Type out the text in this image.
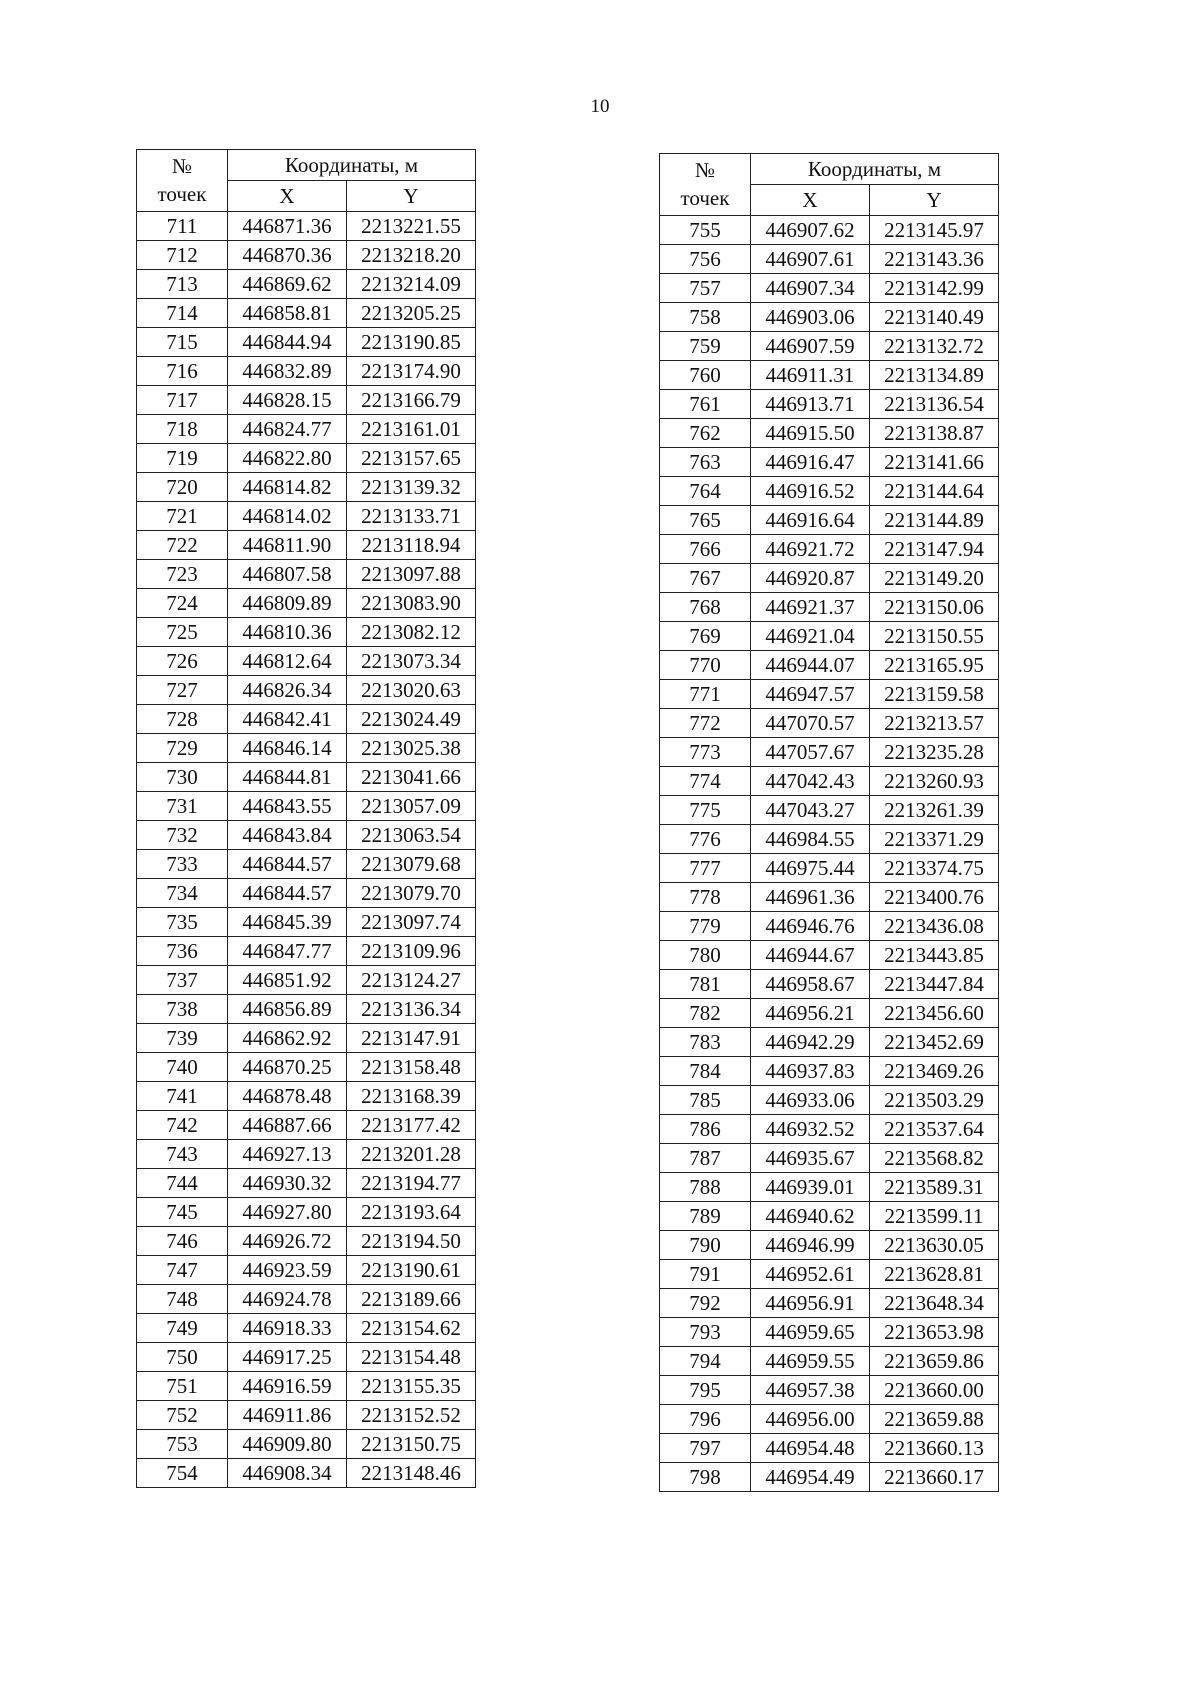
10
№
точек	Координаты, м	
	X	Y
711	446871.36	2213221.55
712	446870.36	2213218.20
713	446869.62	2213214.09
714	446858.81	2213205.25
715	446844.94	2213190.85
716	446832.89	2213174.90
717	446828.15	2213166.79
718	446824.77	2213161.01
719	446822.80	2213157.65
720	446814.82	2213139.32
721	446814.02	2213133.71
722	446811.90	2213118.94
723	446807.58	2213097.88
724	446809.89	2213083.90
725	446810.36	2213082.12
726	446812.64	2213073.34
727	446826.34	2213020.63
728	446842.41	2213024.49
729	446846.14	2213025.38
730	446844.81	2213041.66
731	446843.55	2213057.09
732	446843.84	2213063.54
733	446844.57	2213079.68
734	446844.57	2213079.70
735	446845.39	2213097.74
736	446847.77	2213109.96
737	446851.92	2213124.27
738	446856.89	2213136.34
739	446862.92	2213147.91
740	446870.25	2213158.48
741	446878.48	2213168.39
742	446887.66	2213177.42
743	446927.13	2213201.28
744	446930.32	2213194.77
745	446927.80	2213193.64
746	446926.72	2213194.50
747	446923.59	2213190.61
748	446924.78	2213189.66
749	446918.33	2213154.62
750	446917.25	2213154.48
751	446916.59	2213155.35
752	446911.86	2213152.52
753	446909.80	2213150.75
754	446908.34	2213148.46
№
точек	Координаты, м	
	X	Y
755	446907.62	2213145.97
756	446907.61	2213143.36
757	446907.34	2213142.99
758	446903.06	2213140.49
759	446907.59	2213132.72
760	446911.31	2213134.89
761	446913.71	2213136.54
762	446915.50	2213138.87
763	446916.47	2213141.66
764	446916.52	2213144.64
765	446916.64	2213144.89
766	446921.72	2213147.94
767	446920.87	2213149.20
768	446921.37	2213150.06
769	446921.04	2213150.55
770	446944.07	2213165.95
771	446947.57	2213159.58
772	447070.57	2213213.57
773	447057.67	2213235.28
774	447042.43	2213260.93
775	447043.27	2213261.39
776	446984.55	2213371.29
777	446975.44	2213374.75
778	446961.36	2213400.76
779	446946.76	2213436.08
780	446944.67	2213443.85
781	446958.67	2213447.84
782	446956.21	2213456.60
783	446942.29	2213452.69
784	446937.83	2213469.26
785	446933.06	2213503.29
786	446932.52	2213537.64
787	446935.67	2213568.82
788	446939.01	2213589.31
789	446940.62	2213599.11
790	446946.99	2213630.05
791	446952.61	2213628.81
792	446956.91	2213648.34
793	446959.65	2213653.98
794	446959.55	2213659.86
795	446957.38	2213660.00
796	446956.00	2213659.88
797	446954.48	2213660.13
798	446954.49	2213660.17
